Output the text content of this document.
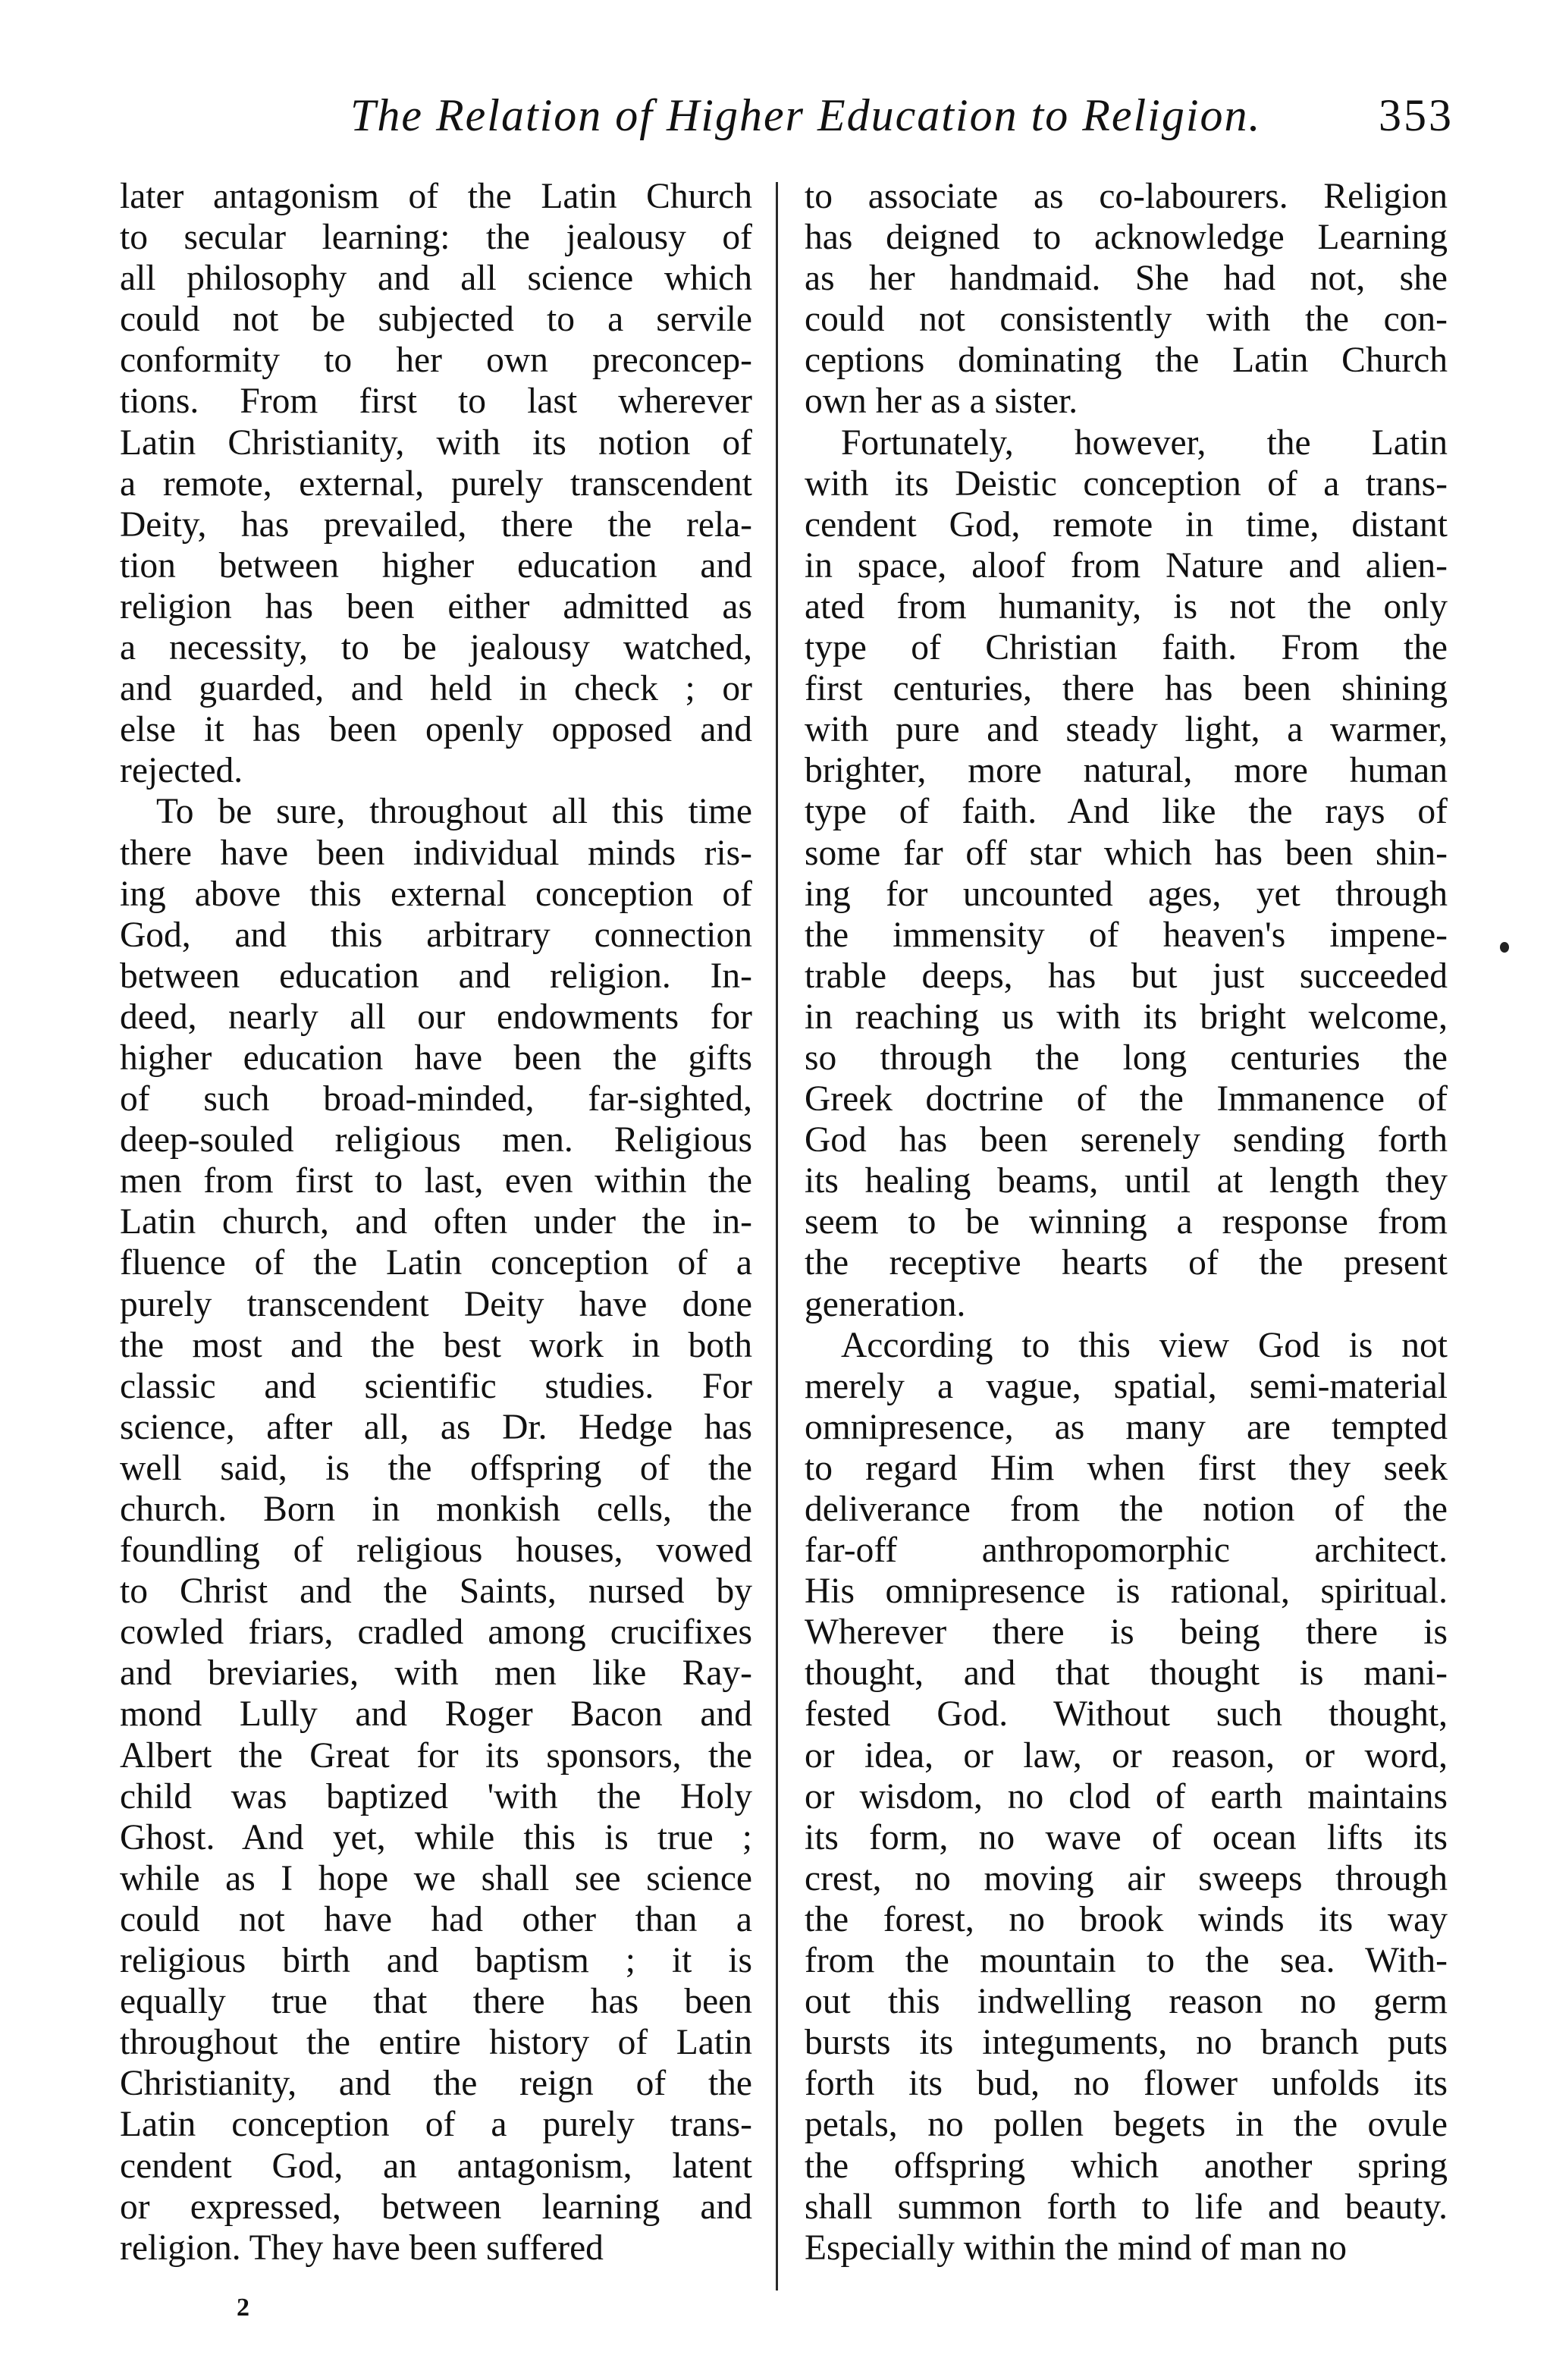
The Relation of Higher Education to Religion.	353
later antagonism of the Latin Church
to secular learning: the jealousy of
all philosophy and all science which
could not be subjected to a servile
conformity to her own preconcep-
tions. From first to last wherever
Latin Christianity, with its notion of
a remote, external, purely transcendent
Deity, has prevailed, there the rela-
tion between higher education and
religion has been either admitted as
a necessity, to be jealousy watched,
and guarded, and held in check ; or
else it has been openly opposed and
rejected.
To be sure, throughout all this time
there have been individual minds ris-
ing above this external conception of
God, and this arbitrary connection
between education and religion. In-
deed, nearly all our endowments for
higher education have been the gifts
of such broad-minded, far-sighted,
deep-souled religious men. Religious
men from first to last, even within the
Latin church, and often under the in-
fluence of the Latin conception of a
purely transcendent Deity have done
the most and the best work in both
classic and scientific studies. For
science, after all, as Dr. Hedge has
well said, is the offspring of the
church. Born in monkish cells, the
foundling of religious houses, vowed
to Christ and the Saints, nursed by
cowled friars, cradled among crucifixes
and breviaries, with men like Ray-
mond Lully and Roger Bacon and
Albert the Great for its sponsors, the
child was baptized 'with the Holy
Ghost. And yet, while this is true ;
while as I hope we shall see science
could not have had other than a
religious birth and baptism ; it is
equally true that there has been
throughout the entire history of Latin
Christianity, and the reign of the
Latin conception of a purely trans-
cendent God, an antagonism, latent
or expressed, between learning and
religion. They have been suffered
to associate as co-labourers. Religion
has deigned to acknowledge Learning
as her handmaid. She had not, she
could not consistently with the con-
ceptions dominating the Latin Church
own her as a sister.
Fortunately, however, the Latin
with its Deistic conception of a trans-
cendent God, remote in time, distant
in space, aloof from Nature and alien-
ated from humanity, is not the only
type of Christian faith. From the
first centuries, there has been shining
with pure and steady light, a warmer,
brighter, more natural, more human
type of faith. And like the rays of
some far off star which has been shin-
ing for uncounted ages, yet through
the immensity of heaven's impene-
trable deeps, has but just succeeded
in reaching us with its bright welcome,
so through the long centuries the
Greek doctrine of the Immanence of
God has been serenely sending forth
its healing beams, until at length they
seem to be winning a response from
the receptive hearts of the present
generation.
According to this view God is not
merely a vague, spatial, semi-material
omnipresence, as many are tempted
to regard Him when first they seek
deliverance from the notion of the
far-off anthropomorphic architect.
His omnipresence is rational, spiritual.
Wherever there is being there is
thought, and that thought is mani-
fested God. Without such thought,
or idea, or law, or reason, or word,
or wisdom, no clod of earth maintains
its form, no wave of ocean lifts its
crest, no moving air sweeps through
the forest, no brook winds its way
from the mountain to the sea. With-
out this indwelling reason no germ
bursts its integuments, no branch puts
forth its bud, no flower unfolds its
petals, no pollen begets in the ovule
the offspring which another spring
shall summon forth to life and beauty.
Especially within the mind of man no
2
